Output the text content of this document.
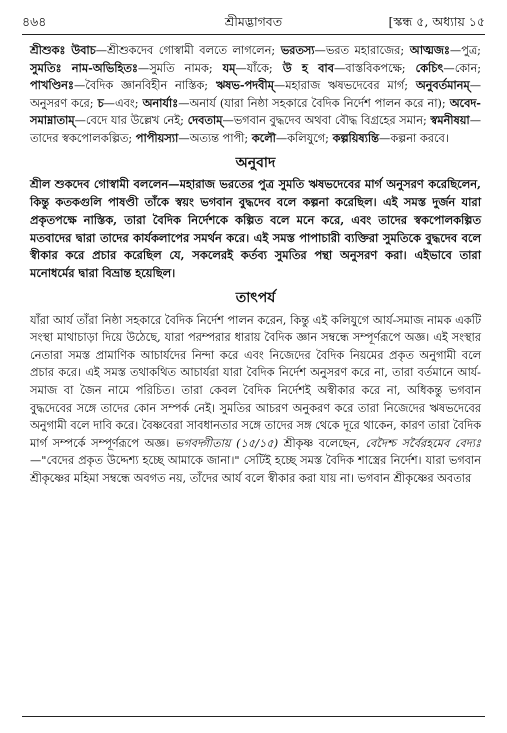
৪৬৪	শ্রীমদ্ভাগবত	[স্কন্ধ ৫, অধ্যায় ১৫
শ্রীশুকঃ উবাচ—শ্রীশুকদেব গোস্বামী বলতে লাগলেন; ভরতস্য—ভরত মহারাজের; আত্মজঃ—পুত্র; সুমতিঃ নাম-অভিহিতঃ—সুমতি নামক; যম্—যাঁকে; উ হ বাব—বাস্তবিকপক্ষে; কেচিৎ—কোন; পাখণ্ডিনঃ—বৈদিক জ্ঞানবিহীন নাস্তিক; ঋষভ-পদবীম্—মহারাজ ঋষভদেবের মার্গ; অনুবর্তমানম্—অনুসরণ করে; চ—এবং; অনার্যাঃ—অনার্য (যারা নিষ্ঠা সহকারে বৈদিক নির্দেশ পালন করে না); অবেদ-সমাম্নাতাম্—বেদে যার উল্লেখ নেই; দেবতাম্—ভগবান বুদ্ধদেব অথবা বৌদ্ধ বিগ্রহের সমান; স্বমনীষয়া—তাদের স্বকপোলকল্পিত; পাপীয়স্যা—অত্যন্ত পাপী; কলৌ—কলিযুগে; কল্পয়িষ্যন্তি—কল্পনা করবে।
অনুবাদ
শ্রীল শুকদেব গোস্বামী বললেন—মহারাজ ভরতের পুত্র সুমতি ঋষভদেবের মার্গ অনুসরণ করেছিলেন, কিন্তু কতকগুলি পাষণ্ডী তাঁকে স্বয়ং ভগবান বুদ্ধদেব বলে কল্পনা করেছিল। এই সমস্ত দুর্জন যারা প্রকৃতপক্ষে নাস্তিক, তারা বৈদিক নির্দেশকে কল্পিত বলে মনে করে, এবং তাদের স্বকপোলকল্পিত মতবাদের দ্বারা তাদের কার্যকলাপের সমর্থন করে। এই সমস্ত পাপাচারী ব্যক্তিরা সুমতিকে বুদ্ধদেব বলে স্বীকার করে প্রচার করেছিল যে, সকলেরই কর্তব্য সুমতির পন্থা অনুসরণ করা। এইভাবে তারা মনোধর্মের দ্বারা বিভ্রান্ত হয়েছিল।
তাৎপর্য
যাঁরা আর্য তাঁরা নিষ্ঠা সহকারে বৈদিক নির্দেশ পালন করেন, কিন্তু এই কলিযুগে আর্য-সমাজ নামক একটি সংস্থা মাথাচাড়া দিয়ে উঠেছে, যারা পরম্পরার ধারায় বৈদিক জ্ঞান সম্বন্ধে সম্পূর্ণরূপে অজ্ঞ। এই সংস্থার নেতারা সমস্ত প্রামাণিক আচার্যদের নিন্দা করে এবং নিজেদের বৈদিক নিয়মের প্রকৃত অনুগামী বলে প্রচার করে। এই সমস্ত তথাকথিত আচার্যরা যারা বৈদিক নির্দেশ অনুসরণ করে না, তারা বর্তমানে আর্য-সমাজ বা জৈন নামে পরিচিত। তারা কেবল বৈদিক নির্দেশই অস্বীকার করে না, অধিকন্তু ভগবান বুদ্ধদেবের সঙ্গে তাদের কোন সম্পর্ক নেই। সুমতির আচরণ অনুকরণ করে তারা নিজেদের ঋষভদেবের অনুগামী বলে দাবি করে। বৈষ্ণবেরা সাবধানতার সঙ্গে তাদের সঙ্গ থেকে দূরে থাকেন, কারণ তারা বৈদিক মার্গ সম্পর্কে সম্পূর্ণরূপে অজ্ঞ। ভগবদ্গীতায় (১৫/১৫) শ্রীকৃষ্ণ বলেছেন, বেদৈশ্চ সর্বৈরহমেব বেদ্যঃ—"বেদের প্রকৃত উদ্দেশ্য হচ্ছে আমাকে জানা।" সেটিই হচ্ছে সমস্ত বৈদিক শাস্ত্রের নির্দেশ। যারা ভগবান শ্রীকৃষ্ণের মহিমা সম্বন্ধে অবগত নয়, তাঁদের আর্য বলে স্বীকার করা যায় না। ভগবান শ্রীকৃষ্ণের অবতার
